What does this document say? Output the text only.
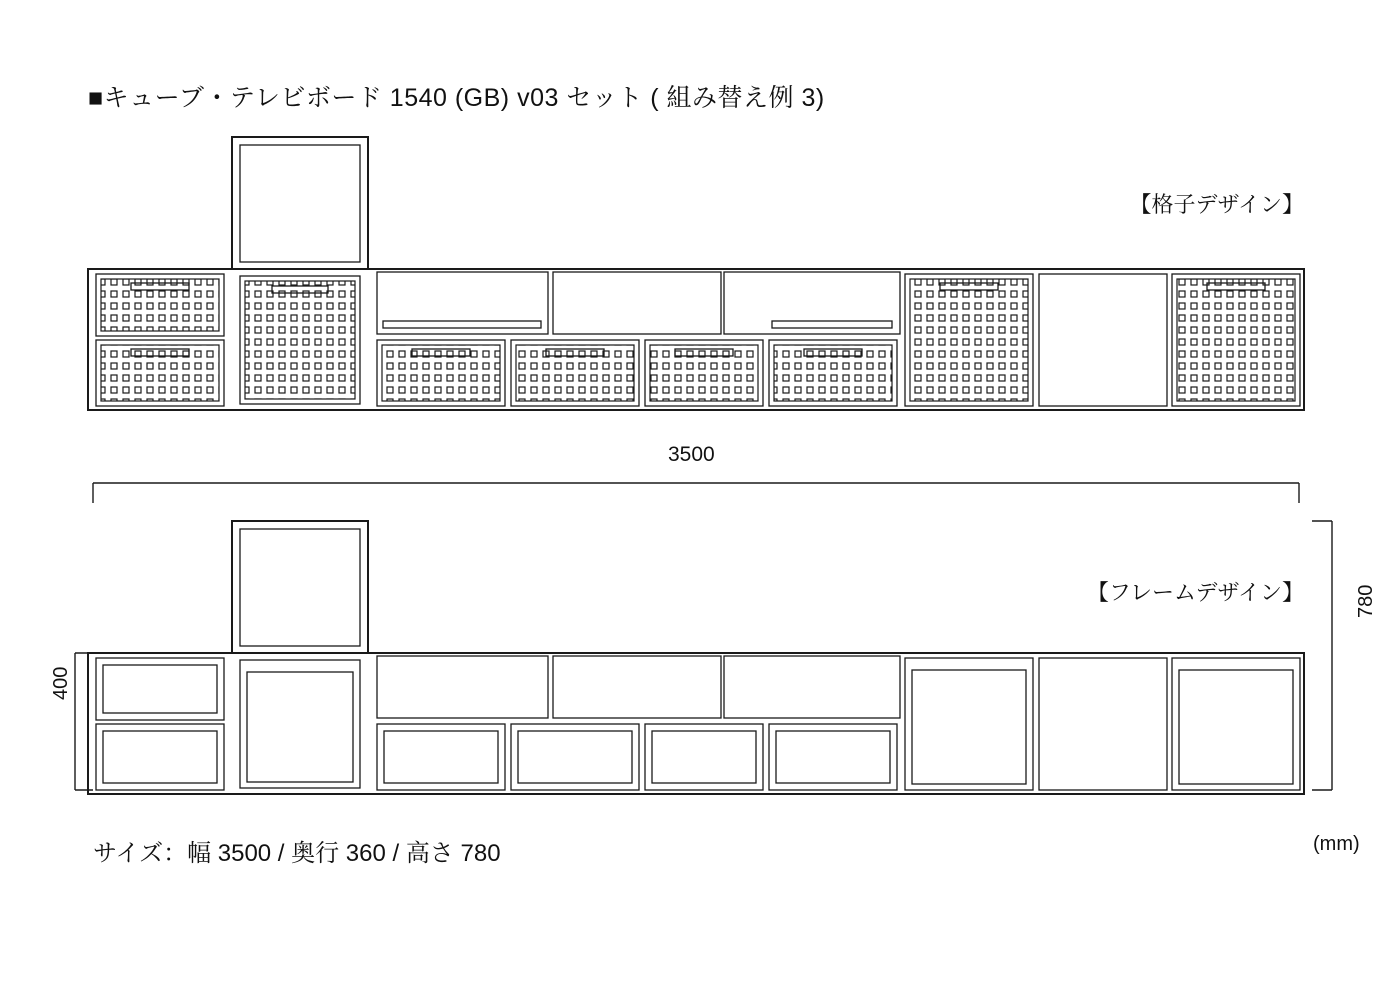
■キューブ・テレビボード 1540 (GB) v03 セット ( 組み替え例 3)
【格子デザイン】
【フレームデザイン】
サイズ：幅 3500 / 奥行 360 / 高さ 780	(mm)
3500
780
400
